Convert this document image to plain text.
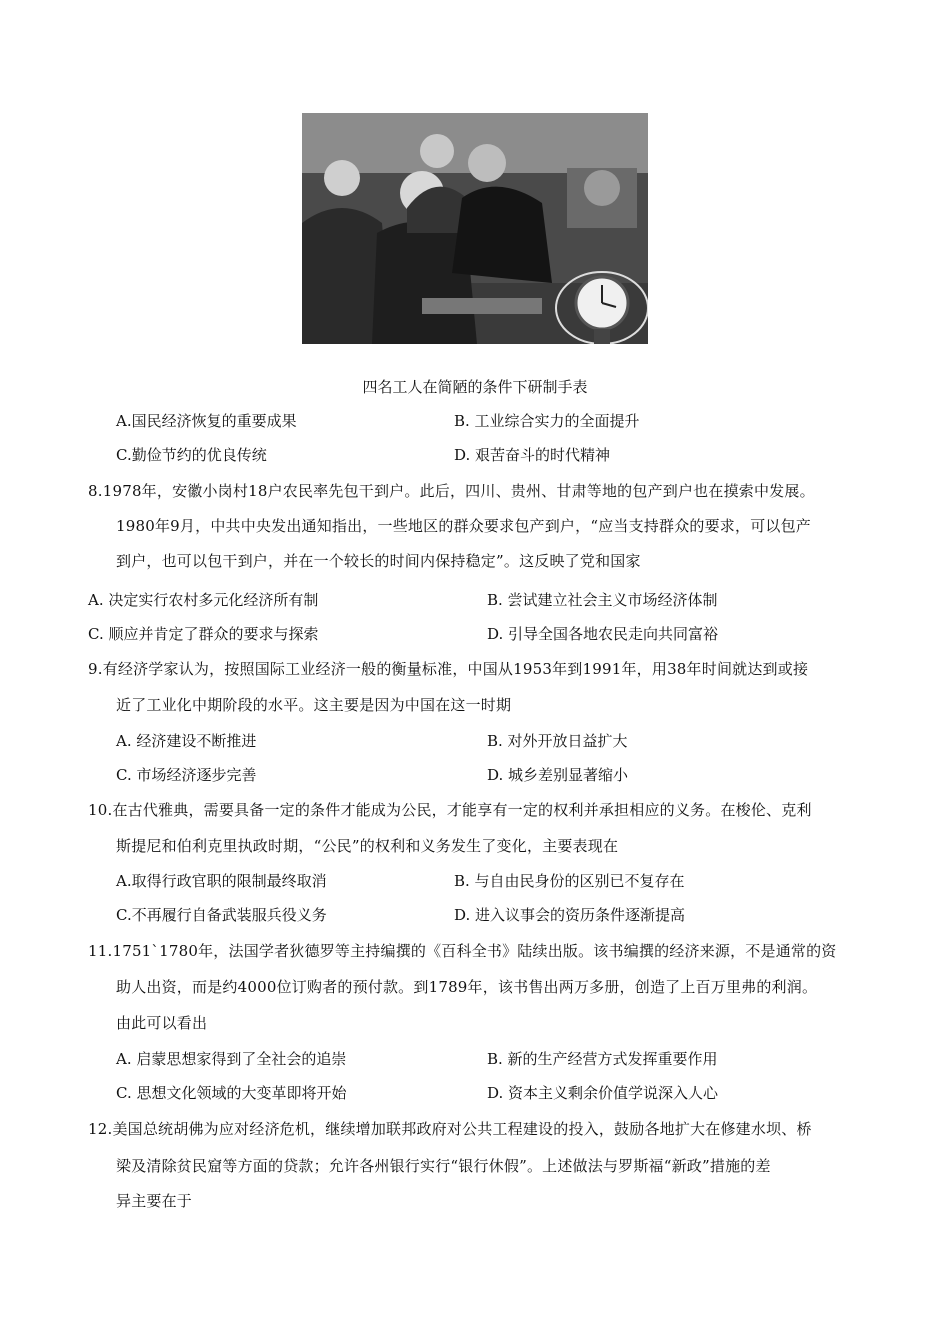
四名工人在简陋的条件下研制手表
A.国民经济恢复的重要成果	B. 工业综合实力的全面提升
C.勤俭节约的优良传统	D. 艰苦奋斗的时代精神
8.1978年，安徽小岗村18户农民率先包干到户。此后，四川、贵州、甘肃等地的包产到户也在摸索中发展。
1980年9月，中共中央发出通知指出，一些地区的群众要求包产到户，“应当支持群众的要求，可以包产
到户，也可以包干到户，并在一个较长的时间内保持稳定”。这反映了党和国家
A. 决定实行农村多元化经济所有制	B. 尝试建立社会主义市场经济体制
C. 顺应并肯定了群众的要求与探索	D. 引导全国各地农民走向共同富裕
9.有经济学家认为，按照国际工业经济一般的衡量标准，中国从1953年到1991年，用38年时间就达到或接
近了工业化中期阶段的水平。这主要是因为中国在这一时期
A. 经济建设不断推进	B. 对外开放日益扩大
C. 市场经济逐步完善	D. 城乡差别显著缩小
10.在古代雅典，需要具备一定的条件才能成为公民，才能享有一定的权利并承担相应的义务。在梭伦、克利
斯提尼和伯利克里执政时期，“公民”的权利和义务发生了变化，主要表现在
A.取得行政官职的限制最终取消	B. 与自由民身份的区别已不复存在
C.不再履行自备武装服兵役义务	D. 进入议事会的资历条件逐渐提高
11.1751`1780年，法国学者狄德罗等主持编撰的《百科全书》陆续出版。该书编撰的经济来源，不是通常的资
助人出资，而是约4000位订购者的预付款。到1789年，该书售出两万多册，创造了上百万里弗的利润。
由此可以看出
A. 启蒙思想家得到了全社会的追崇	B. 新的生产经营方式发挥重要作用
C. 思想文化领域的大变革即将开始	D. 资本主义剩余价值学说深入人心
12.美国总统胡佛为应对经济危机，继续增加联邦政府对公共工程建设的投入，鼓励各地扩大在修建水坝、桥
梁及清除贫民窟等方面的贷款；允许各州银行实行“银行休假”。上述做法与罗斯福“新政”措施的差
异主要在于
